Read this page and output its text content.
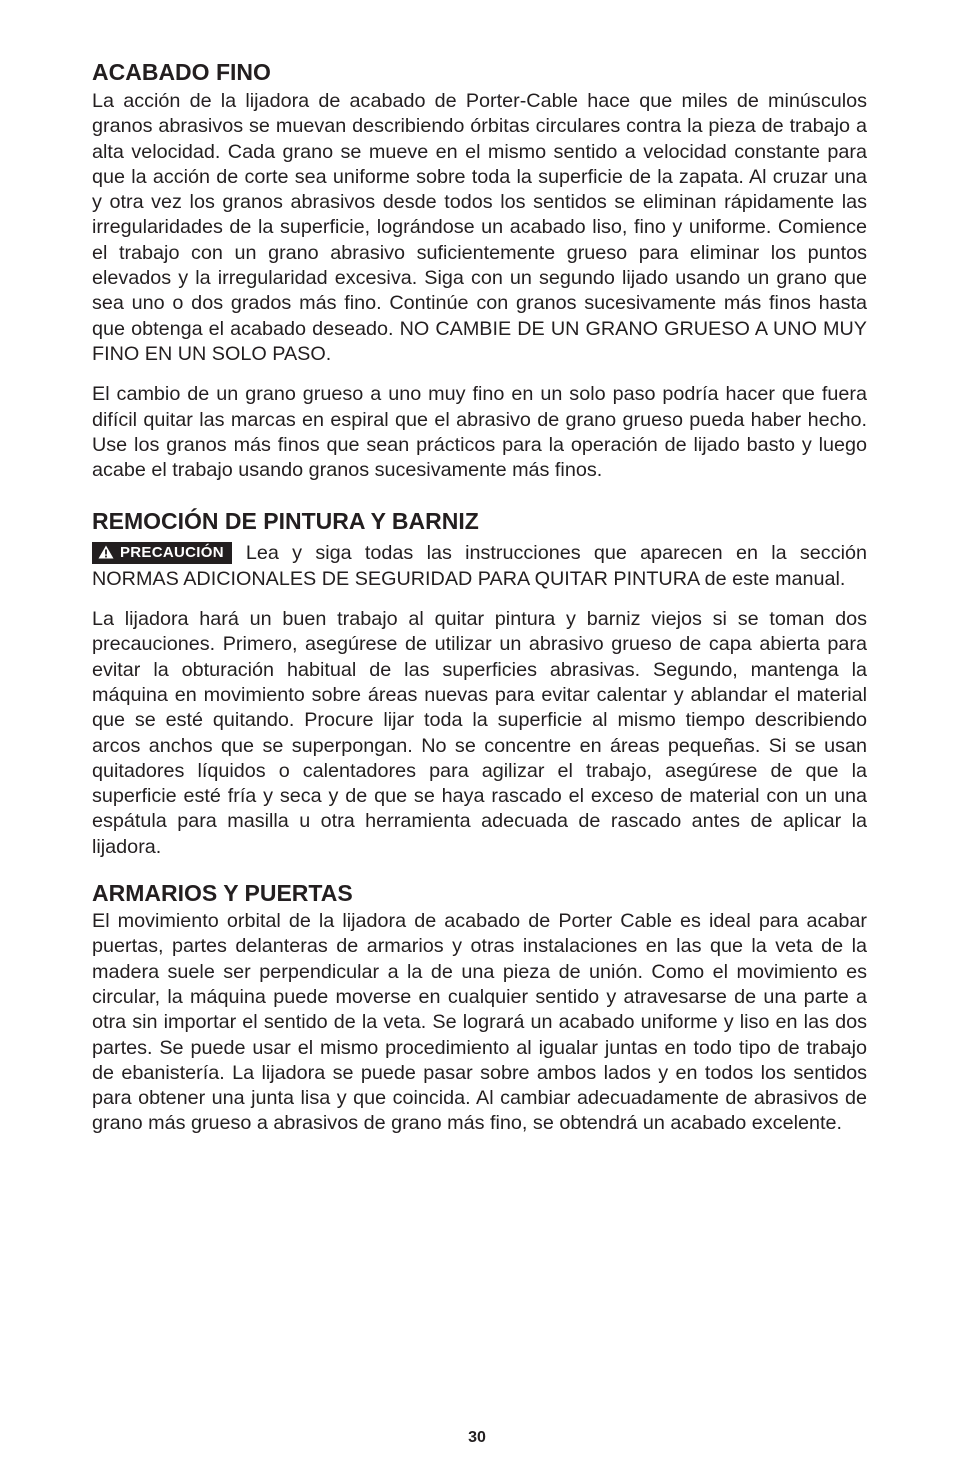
ACABADO FINO

La acción de la lijadora de acabado de Porter-Cable hace que miles de minúsculos granos abrasivos se muevan describiendo órbitas circulares contra la pieza de trabajo a alta velocidad. Cada grano se mueve en el mismo sentido a velocidad constante para que la acción de corte sea uniforme sobre toda la superficie de la zapata. Al cruzar una y otra vez los granos abrasivos desde todos los sentidos se eliminan rápidamente las irregularidades de la superficie, lográndose un acabado liso, fino y uniforme. Comience el trabajo con un grano abrasivo suficientemente grueso para eliminar los puntos elevados y la irregularidad excesiva. Siga con un segundo lijado usando un grano que sea uno o dos grados más fino. Continúe con granos sucesivamente más finos hasta que obtenga el acabado deseado. NO CAMBIE DE UN GRANO GRUESO A UNO MUY FINO EN UN SOLO PASO.

El cambio de un grano grueso a uno muy fino en un solo paso podría hacer que fuera difícil quitar las marcas en espiral que el abrasivo de grano grueso pueda haber hecho. Use los granos más finos que sean prácticos para la operación de lijado basto y luego acabe el trabajo usando granos sucesivamente más finos.

REMOCIÓN DE PINTURA Y BARNIZ

PRECAUCIÓN Lea y siga todas las instrucciones que aparecen en la sección NORMAS ADICIONALES DE SEGURIDAD PARA QUITAR PINTURA de este manual.

La lijadora hará un buen trabajo al quitar pintura y barniz viejos si se toman dos precauciones. Primero, asegúrese de utilizar un abrasivo grueso de capa abierta para evitar la obturación habitual de las superficies abrasivas. Segundo, mantenga la máquina en movimiento sobre áreas nuevas para evitar calentar y ablandar el material que se esté quitando. Procure lijar toda la superficie al mismo tiempo describiendo arcos anchos que se superpongan. No se concentre en áreas pequeñas. Si se usan quitadores líquidos o calentadores para agilizar el trabajo, asegúrese de que la superficie esté fría y seca y de que se haya rascado el exceso de material con un una espátula para masilla u otra herramienta adecuada de rascado antes de aplicar la lijadora.

ARMARIOS Y PUERTAS

El movimiento orbital de la lijadora de acabado de Porter Cable es ideal para acabar puertas, partes delanteras de armarios y otras instalaciones en las que la veta de la madera suele ser perpendicular a la de una pieza de unión. Como el movimiento es circular, la máquina puede moverse en cualquier sentido y atravesarse de una parte a otra sin importar el sentido de la veta. Se logrará un acabado uniforme y liso en las dos partes. Se puede usar el mismo procedimiento al igualar juntas en todo tipo de trabajo de ebanistería. La lijadora se puede pasar sobre ambos lados y en todos los sentidos para obtener una junta lisa y que coincida. Al cambiar adecuadamente de abrasivos de grano más grueso a abrasivos de grano más fino, se obtendrá un acabado excelente.

30
